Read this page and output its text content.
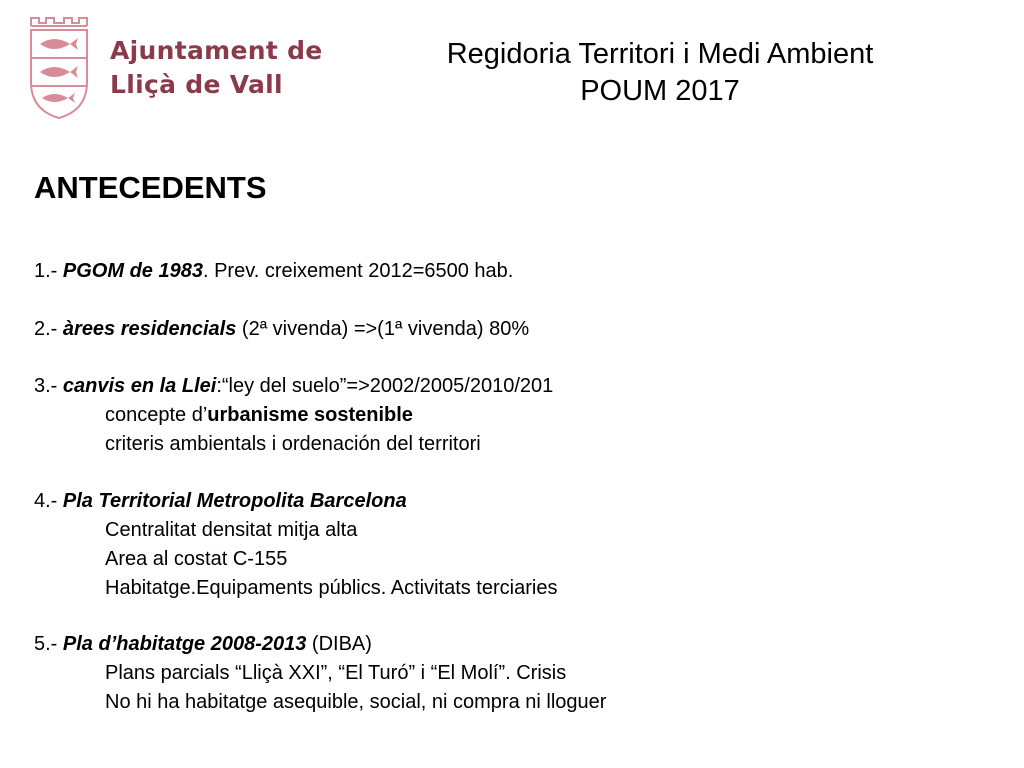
Ajuntament de
Lliçà de Vall
Regidoria Territori i Medi Ambient
POUM 2017
ANTECEDENTS
1.- PGOM de 1983. Prev. creixement 2012=6500 hab.
2.- àrees residencials (2ª vivenda) =>(1ª vivenda) 80%
3.- canvis en la Llei:“ley del suelo”=>2002/2005/2010/201
concepte d’urbanisme sostenible
criteris ambientals i ordenación del territori
4.- Pla Territorial Metropolita Barcelona
Centralitat densitat mitja alta
Area al costat C-155
Habitatge.Equipaments públics. Activitats terciaries
5.- Pla d’habitatge 2008-2013 (DIBA)
Plans parcials “Lliçà XXI”, “El Turó” i “El Molí”. Crisis
No hi ha habitatge asequible, social, ni compra ni lloguer
